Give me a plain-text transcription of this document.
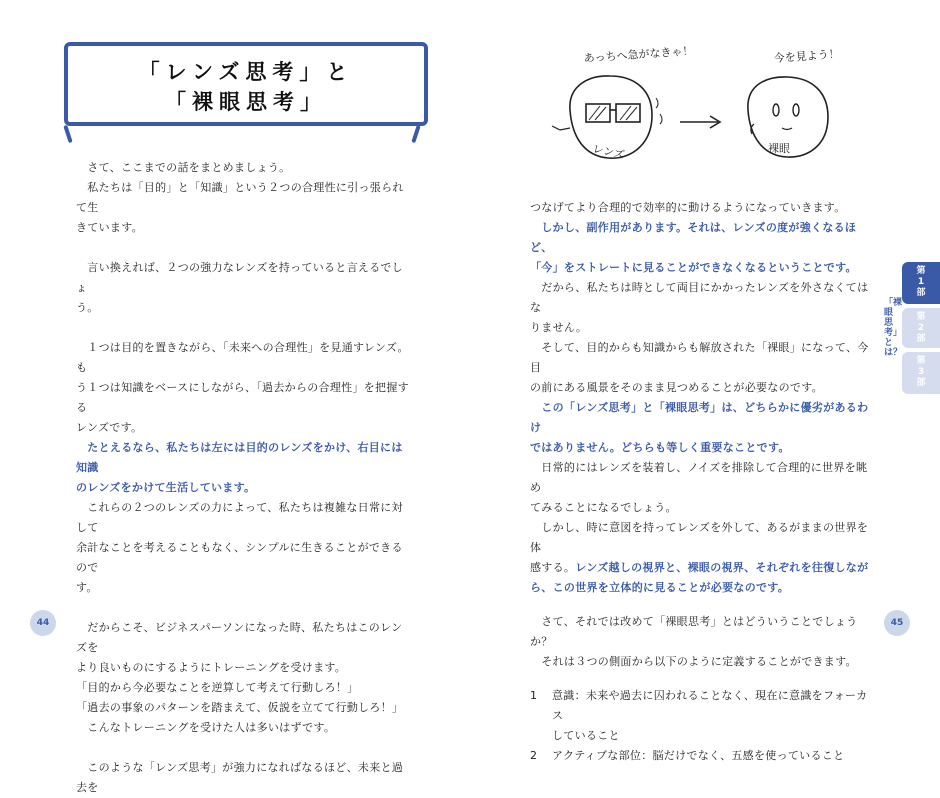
「レンズ思考」と
「裸眼思考」

　さて、ここまでの話をまとめましょう。
　私たちは「目的」と「知識」という２つの合理性に引っ張られて生
きています。

　言い換えれば、２つの強力なレンズを持っていると言えるでしょ
う。

　１つは目的を置きながら、「未来への合理性」を見通すレンズ。も
う１つは知識をベースにしながら、「過去からの合理性」を把握する
レンズです。

　たとえるなら、私たちは左には目的のレンズをかけ、右目には知識
のレンズをかけて生活しています。

　これらの２つのレンズの力によって、私たちは複雑な日常に対して
余計なことを考えることもなく、シンプルに生きることができるので
す。

　だからこそ、ビジネスパーソンになった時、私たちはこのレンズを
より良いものにするようにトレーニングを受けます。
「目的から今必要なことを逆算して考えて行動しろ！」
「過去の事象のパターンを踏まえて、仮説を立てて行動しろ！」
　こんなトレーニングを受けた人は多いはずです。

　このような「レンズ思考」が強力になればなるほど、未来と過去を

44
レンズ
あっちへ急がなきゃ！
裸眼
今を見よう！

つなげてより合理的で効率的に動けるようになっていきます。

　しかし、副作用があります。それは、レンズの度が強くなるほど、
「今」をストレートに見ることができなくなるということです。

　だから、私たちは時として両目にかかったレンズを外さなくてはな
りません。
　そして、目的からも知識からも解放された「裸眼」になって、今目
の前にある風景をそのまま見つめることが必要なのです。

　この「レンズ思考」と「裸眼思考」は、どちらかに優劣があるわけ
ではありません。どちらも等しく重要なことです。

　日常的にはレンズを装着し、ノイズを排除して合理的に世界を眺め
てみることになるでしょう。
　しかし、時に意図を持ってレンズを外して、あるがままの世界を体
感する。レンズ越しの視界と、裸眼の視界、それぞれを往復しなが
ら、この世界を立体的に見ることが必要なのです。

　さて、それでは改めて「裸眼思考」とはどういうことでしょうか？
　それは３つの側面から以下のように定義することができます。

1 意識：未来や過去に囚われることなく、現在に意識をフォーカス
していること
2 アクティブな部位：脳だけでなく、五感を使っていること
45
「裸眼思考」とは？
第
1
部
第
2
部
第
3
部
